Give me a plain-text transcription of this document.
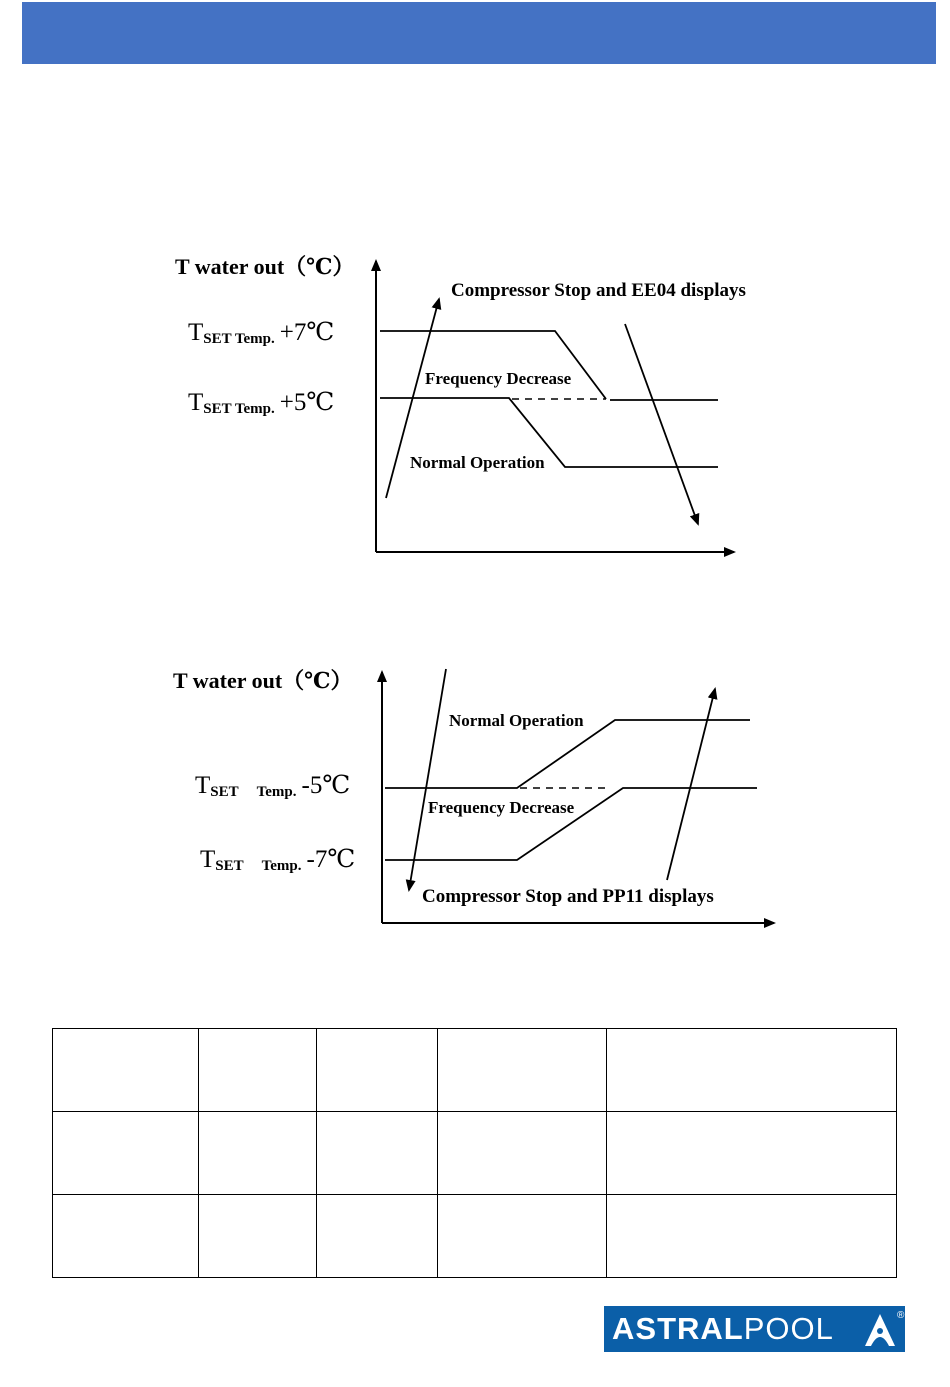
T water out（℃）
TSET Temp. +7℃
TSET Temp. +5℃
Compressor Stop and EE04 displays
Frequency Decrease
Normal Operation
T water out（℃）
TSET Temp. -5℃
TSET Temp. -7℃
Normal Operation
Frequency Decrease
Compressor Stop and PP11 displays

ASTRALPOOL	®
